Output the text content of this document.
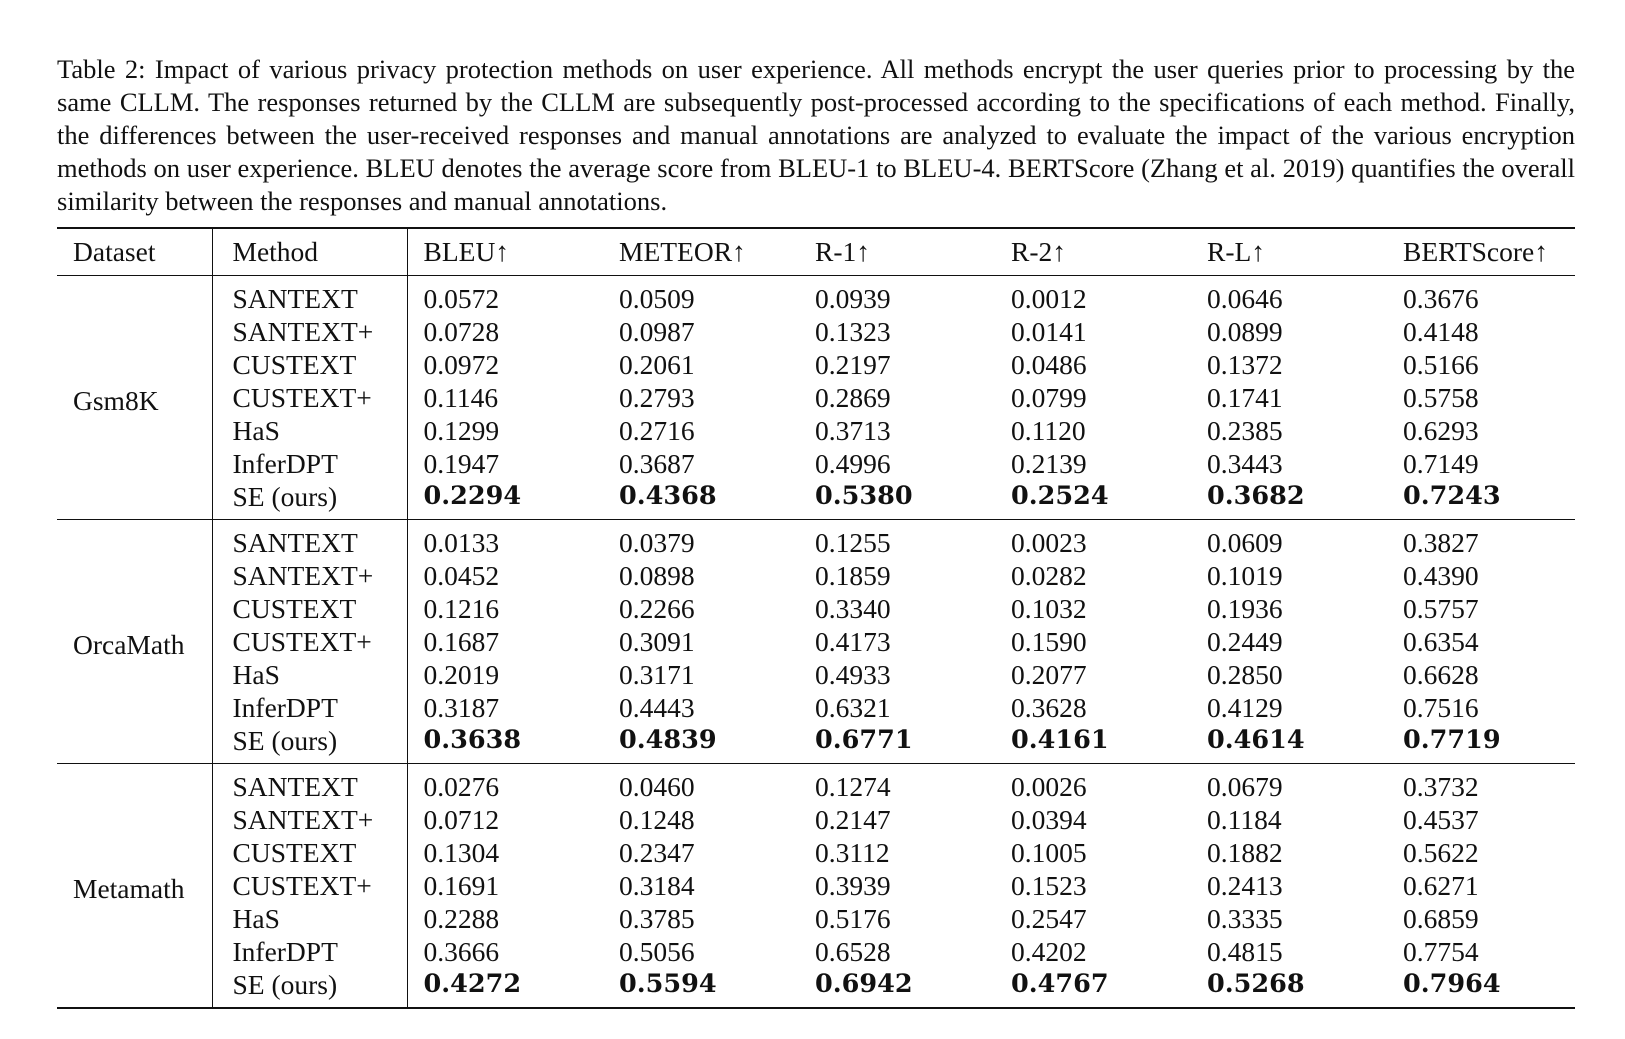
Table 2: Impact of various privacy protection methods on user experience. All methods encrypt the user queries prior to processing by the same CLLM. The responses returned by the CLLM are subsequently post-processed according to the specifications of each method. Finally, the differences between the user-received responses and manual annotations are analyzed to evaluate the impact of the various encryption methods on user experience. BLEU denotes the average score from BLEU-1 to BLEU-4. BERTScore (Zhang et al. 2019) quantifies the overall similarity between the responses and manual annotations.

Dataset	Method	BLEU↑	METEOR↑	R-1↑	R-2↑	R-L↑	BERTScore↑
Gsm8K	SANTEXT	0.0572	0.0509	0.0939	0.0012	0.0646	0.3676
	SANTEXT+	0.0728	0.0987	0.1323	0.0141	0.0899	0.4148
	CUSTEXT	0.0972	0.2061	0.2197	0.0486	0.1372	0.5166
	CUSTEXT+	0.1146	0.2793	0.2869	0.0799	0.1741	0.5758
	HaS	0.1299	0.2716	0.3713	0.1120	0.2385	0.6293
	InferDPT	0.1947	0.3687	0.4996	0.2139	0.3443	0.7149
	SE (ours)	0.2294	0.4368	0.5380	0.2524	0.3682	0.7243
OrcaMath	SANTEXT	0.0133	0.0379	0.1255	0.0023	0.0609	0.3827
	SANTEXT+	0.0452	0.0898	0.1859	0.0282	0.1019	0.4390
	CUSTEXT	0.1216	0.2266	0.3340	0.1032	0.1936	0.5757
	CUSTEXT+	0.1687	0.3091	0.4173	0.1590	0.2449	0.6354
	HaS	0.2019	0.3171	0.4933	0.2077	0.2850	0.6628
	InferDPT	0.3187	0.4443	0.6321	0.3628	0.4129	0.7516
	SE (ours)	0.3638	0.4839	0.6771	0.4161	0.4614	0.7719
Metamath	SANTEXT	0.0276	0.0460	0.1274	0.0026	0.0679	0.3732
	SANTEXT+	0.0712	0.1248	0.2147	0.0394	0.1184	0.4537
	CUSTEXT	0.1304	0.2347	0.3112	0.1005	0.1882	0.5622
	CUSTEXT+	0.1691	0.3184	0.3939	0.1523	0.2413	0.6271
	HaS	0.2288	0.3785	0.5176	0.2547	0.3335	0.6859
	InferDPT	0.3666	0.5056	0.6528	0.4202	0.4815	0.7754
	SE (ours)	0.4272	0.5594	0.6942	0.4767	0.5268	0.7964
